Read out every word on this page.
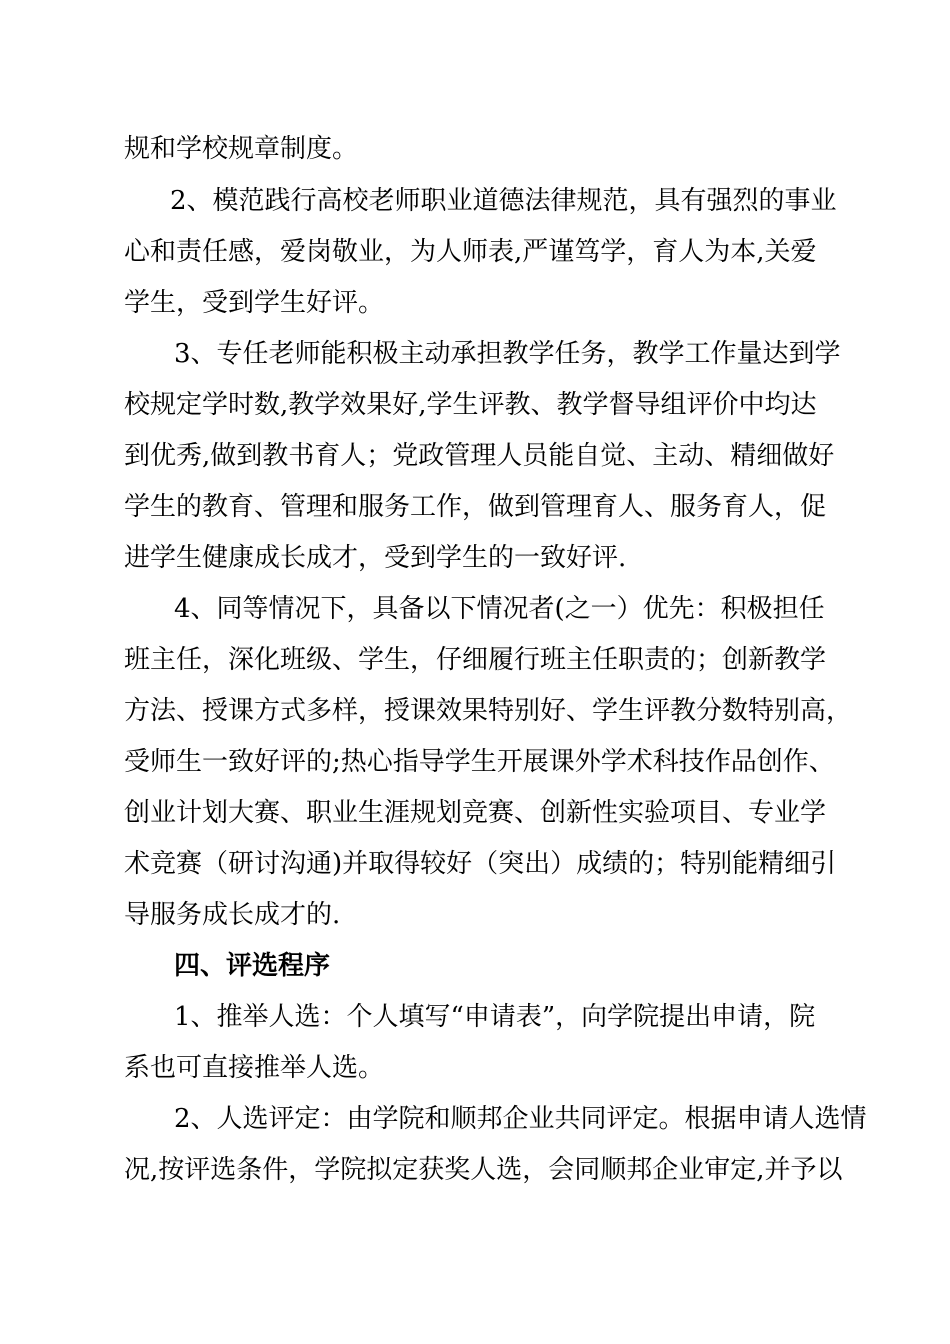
规和学校规章制度。
2、模范践行高校老师职业道德法律规范，具有强烈的事业
心和责任感，爱岗敬业，为人师表,严谨笃学，育人为本,关爱
学生，受到学生好评。
3、专任老师能积极主动承担教学任务，教学工作量达到学
校规定学时数,教学效果好,学生评教、教学督导组评价中均达
到优秀,做到教书育人；党政管理人员能自觉、主动、精细做好
学生的教育、管理和服务工作，做到管理育人、服务育人，促
进学生健康成长成才，受到学生的一致好评.
4、同等情况下，具备以下情况者(之一）优先：积极担任
班主任，深化班级、学生，仔细履行班主任职责的；创新教学
方法、授课方式多样，授课效果特别好、学生评教分数特别高，
受师生一致好评的;热心指导学生开展课外学术科技作品创作、
创业计划大赛、职业生涯规划竞赛、创新性实验项目、专业学
术竞赛（研讨沟通)并取得较好（突出）成绩的；特别能精细引
导服务成长成才的.
四、评选程序
1、推举人选：个人填写“申请表”，向学院提出申请，院
系也可直接推举人选。
2、人选评定：由学院和顺邦企业共同评定。根据申请人选情
况,按评选条件，学院拟定获奖人选，会同顺邦企业审定,并予以
